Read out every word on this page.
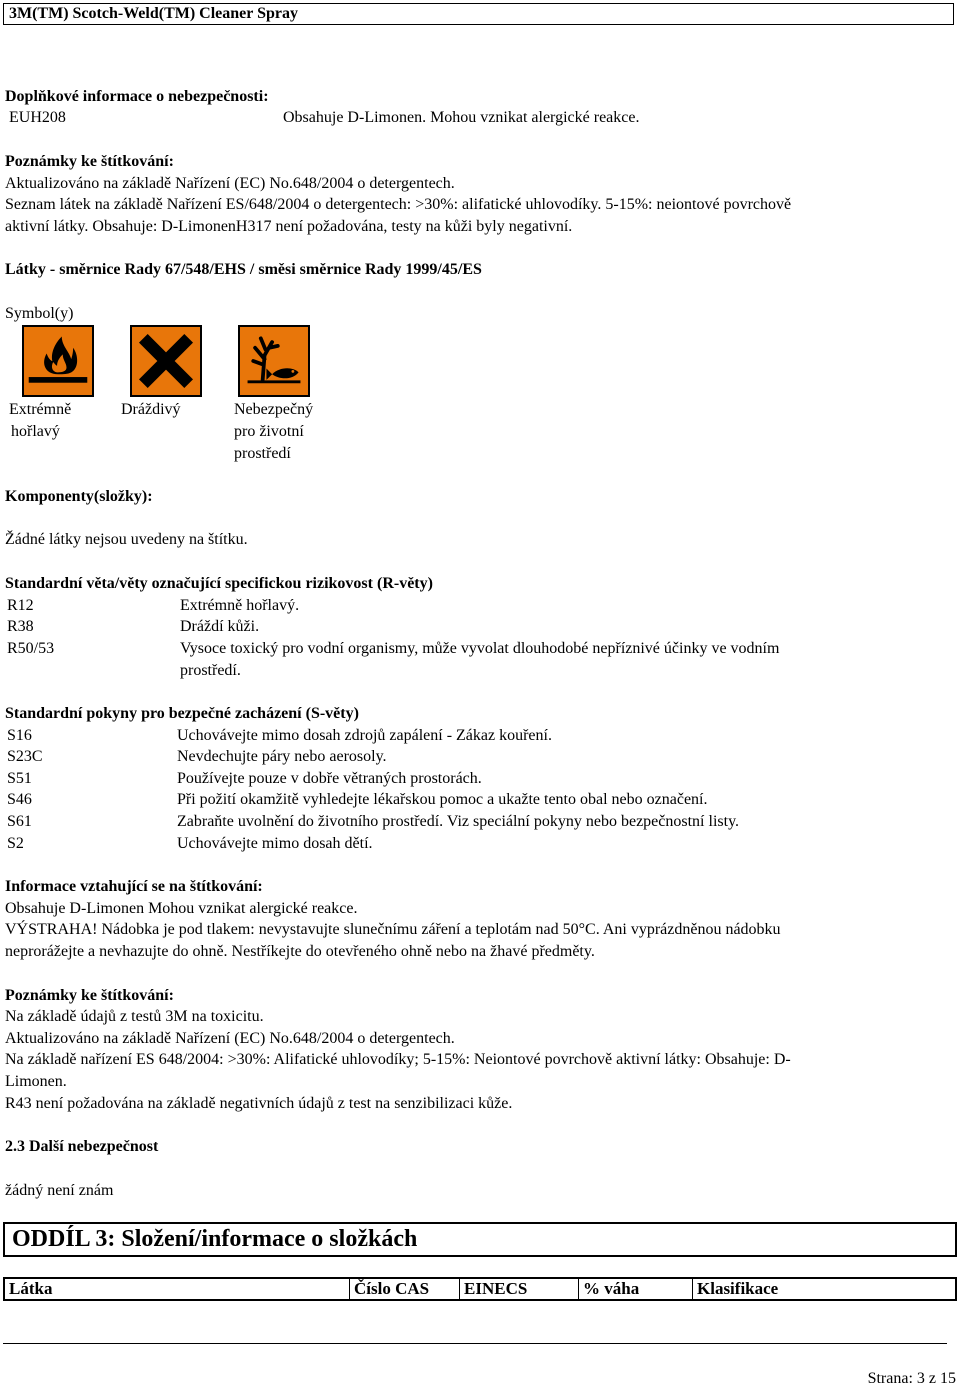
3M(TM) Scotch-Weld(TM) Cleaner Spray
Doplňkové informace o nebezpečnosti:
EUH208	Obsahuje D-Limonen. Mohou vznikat alergické reakce.
Poznámky ke štítkování:
Aktualizováno na základě Nařízení (EC) No.648/2004 o detergentech.
Seznam látek na základě Nařízení ES/648/2004 o detergentech: >30%: alifatické uhlovodíky. 5-15%: neiontové povrchově
aktivní látky. Obsahuje: D-LimonenH317 není požadována, testy na kůži byly negativní.
Látky - směrnice Rady 67/548/EHS / směsi směrnice Rady 1999/45/ES
Symbol(y)
Extrémně
hořlavý
Dráždivý	Nebezpečný
pro životní
prostředí
Komponenty(složky):
Žádné látky nejsou uvedeny na štítku.
Standardní věta/věty označující specifickou rizikovost (R-věty)
R12	Extrémně hořlavý.
R38	Dráždí kůži.
R50/53	Vysoce toxický pro vodní organismy, může vyvolat dlouhodobé nepříznivé účinky ve vodním
prostředí.
Standardní pokyny pro bezpečné zacházení (S-věty)
S16	Uchovávejte mimo dosah zdrojů zapálení - Zákaz kouření.
S23C	Nevdechujte páry nebo aerosoly.
S51	Používejte pouze v dobře větraných prostorách.
S46	Při požití okamžitě vyhledejte lékařskou pomoc a ukažte tento obal nebo označení.
S61	Zabraňte uvolnění do životního prostředí. Viz speciální pokyny nebo bezpečnostní listy.
S2	Uchovávejte mimo dosah dětí.
Informace vztahující se na štítkování:
Obsahuje D-Limonen Mohou vznikat alergické reakce.
VÝSTRAHA! Nádobka je pod tlakem: nevystavujte slunečnímu záření a teplotám nad 50°C. Ani vyprázdněnou nádobku
neprorážejte a nevhazujte do ohně. Nestříkejte do otevřeného ohně nebo na žhavé předměty.
Poznámky ke štítkování:
Na základě údajů z testů 3M na toxicitu.
Aktualizováno na základě Nařízení (EC) No.648/2004 o detergentech.
Na základě nařízení ES 648/2004: >30%: Alifatické uhlovodíky; 5-15%: Neiontové povrchově aktivní látky: Obsahuje: D-
Limonen.
R43 není požadována na základě negativních údajů z test na senzibilizaci kůže.
2.3 Další nebezpečnost
žádný není znám
ODDÍL 3: Složení/informace o složkách
Látka	Číslo CAS	EINECS	% váha	Klasifikace
Strana: 3 z 15
